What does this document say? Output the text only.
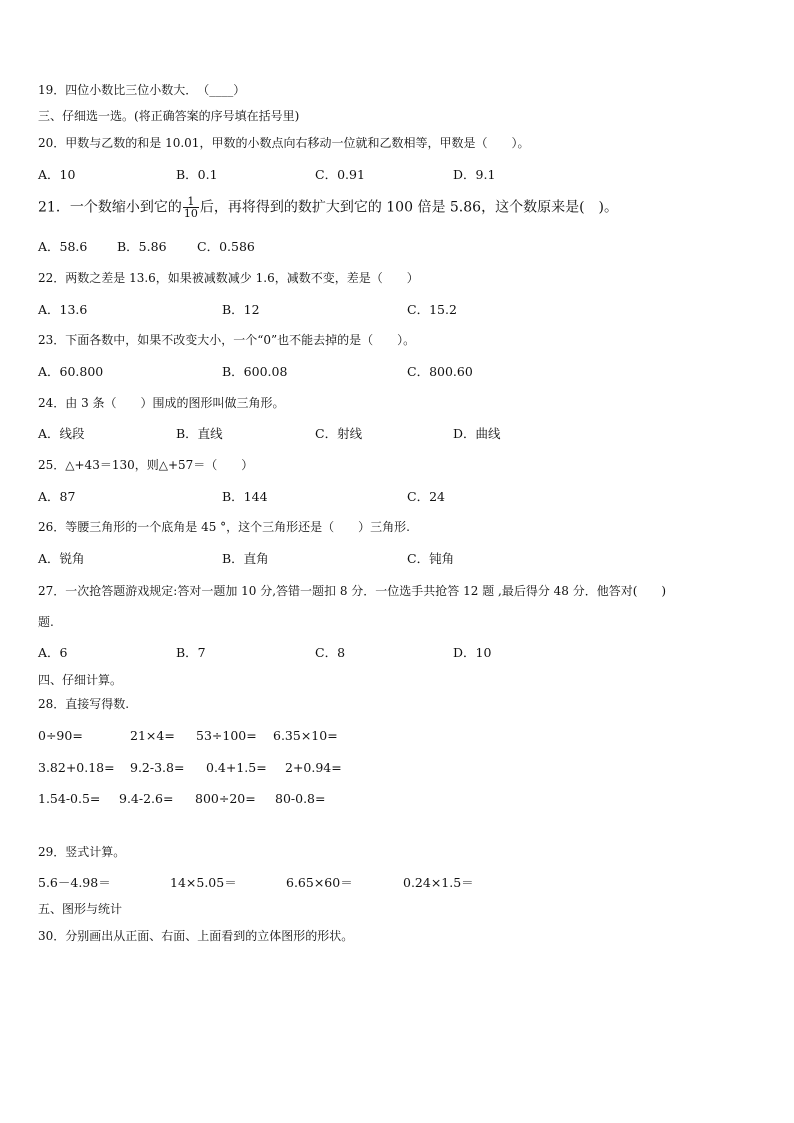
19．四位小数比三位小数大．　（____）
三、仔细选一选。(将正确答案的序号填在括号里)
20．甲数与乙数的和是 10.01，甲数的小数点向右移动一位就和乙数相等，甲数是（　　）。
A．10	B．0.1	C．0.91	D．9.1
21．一个数缩小到它的 $\frac{1}{10}$ 后，再将得到的数扩大到它的 100 倍是 5.86，这个数原来是(　)。
A．58.6 B．5.86 C．0.586
22．两数之差是 13.6，如果被减数减少 1.6，减数不变，差是（　　）
A．13.6	B．12	C．15.2
23．下面各数中，如果不改变大小，一个“0”也不能去掉的是（　　）。
A．60.800	B．600.08	C．800.60
24．由 3 条（　　）围成的图形叫做三角形。
A．线段	B．直线	C．射线	D．曲线
25．△+43＝130，则△+57＝（　　）
A．87	B．144	C．24
26．等腰三角形的一个底角是 45 °，这个三角形还是（　　）三角形.
A．锐角	B．直角	C．钝角
27．一次抢答题游戏规定:答对一题加 10 分,答错一题扣 8 分．一位选手共抢答 12 题 ,最后得分 48 分．他答对(　　)
题.
A．6	B．7	C．8	D．10
四、仔细计算。
28．直接写得数.
0÷90=	21×4= 53÷100= 6.35×10=
3.82+0.18= 9.2-3.8= 0.4+1.5= 2+0.94=
1.54-0.5= 9.4-2.6= 800÷20= 80-0.8=
29．竖式计算。
5.6－4.98＝	14×5.05＝	6.65×60＝	0.24×1.5＝
五、图形与统计
30．分别画出从正面、右面、上面看到的立体图形的形状。
